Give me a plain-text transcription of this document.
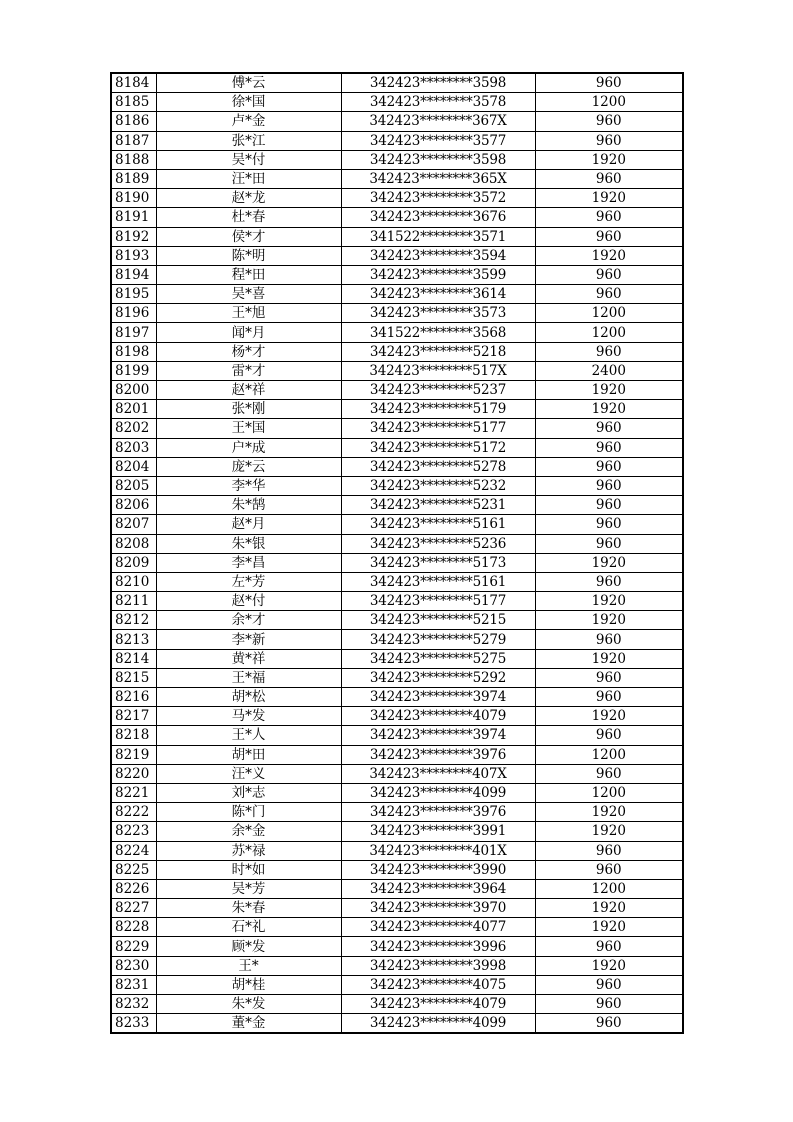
8184	傅*云	342423********3598	960
8185	徐*国	342423********3578	1200
8186	卢*金	342423********367X	960
8187	张*江	342423********3577	960
8188	吴*付	342423********3598	1920
8189	汪*田	342423********365X	960
8190	赵*龙	342423********3572	1920
8191	杜*春	342423********3676	960
8192	侯*才	341522********3571	960
8193	陈*明	342423********3594	1920
8194	程*田	342423********3599	960
8195	吴*喜	342423********3614	960
8196	王*旭	342423********3573	1200
8197	闻*月	341522********3568	1200
8198	杨*才	342423********5218	960
8199	雷*才	342423********517X	2400
8200	赵*祥	342423********5237	1920
8201	张*刚	342423********5179	1920
8202	王*国	342423********5177	960
8203	户*成	342423********5172	960
8204	庞*云	342423********5278	960
8205	李*华	342423********5232	960
8206	朱*鹄	342423********5231	960
8207	赵*月	342423********5161	960
8208	朱*银	342423********5236	960
8209	李*昌	342423********5173	1920
8210	左*芳	342423********5161	960
8211	赵*付	342423********5177	1920
8212	余*才	342423********5215	1920
8213	李*新	342423********5279	960
8214	黄*祥	342423********5275	1920
8215	王*福	342423********5292	960
8216	胡*松	342423********3974	960
8217	马*发	342423********4079	1920
8218	王*人	342423********3974	960
8219	胡*田	342423********3976	1200
8220	汪*义	342423********407X	960
8221	刘*志	342423********4099	1200
8222	陈*门	342423********3976	1920
8223	余*金	342423********3991	1920
8224	苏*禄	342423********401X	960
8225	时*如	342423********3990	960
8226	吴*芳	342423********3964	1200
8227	朱*春	342423********3970	1920
8228	石*礼	342423********4077	1920
8229	顾*发	342423********3996	960
8230	王*	342423********3998	1920
8231	胡*桂	342423********4075	960
8232	朱*发	342423********4079	960
8233	董*金	342423********4099	960
